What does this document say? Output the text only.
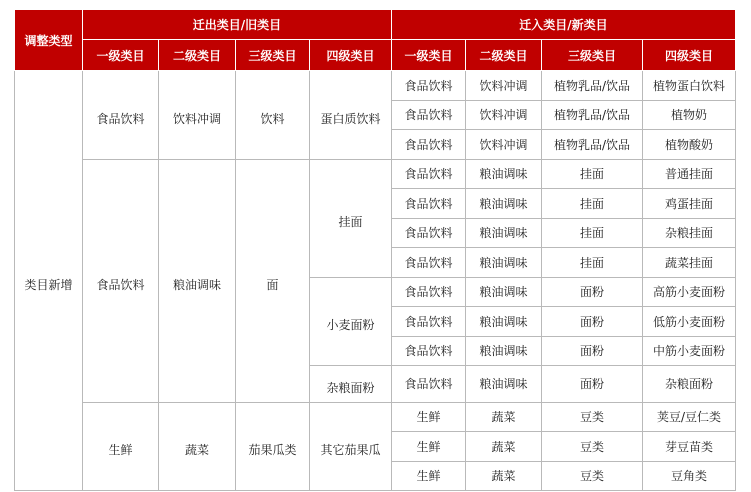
调整类型	迁出类目/旧类目				迁入类目/新类目			
	一级类目	二级类目	三级类目	四级类目	一级类目	二级类目	三级类目	四级类目
类目新增	食品饮料	饮料冲调	饮料	蛋白质饮料	食品饮料	饮料冲调	植物乳品/饮品	植物蛋白饮料
					食品饮料	饮料冲调	植物乳品/饮品	植物奶
					食品饮料	饮料冲调	植物乳品/饮品	植物酸奶
	食品饮料	粮油调味	面	挂面	食品饮料	粮油调味	挂面	普通挂面
					食品饮料	粮油调味	挂面	鸡蛋挂面
					食品饮料	粮油调味	挂面	杂粮挂面
					食品饮料	粮油调味	挂面	蔬菜挂面
				小麦面粉	食品饮料	粮油调味	面粉	高筋小麦面粉
					食品饮料	粮油调味	面粉	低筋小麦面粉
					食品饮料	粮油调味	面粉	中筋小麦面粉
				杂粮面粉	食品饮料	粮油调味	面粉	杂粮面粉
	生鲜	蔬菜	茄果瓜类	其它茄果瓜	生鲜	蔬菜	豆类	荚豆/豆仁类
					生鲜	蔬菜	豆类	芽豆苗类
					生鲜	蔬菜	豆类	豆角类
